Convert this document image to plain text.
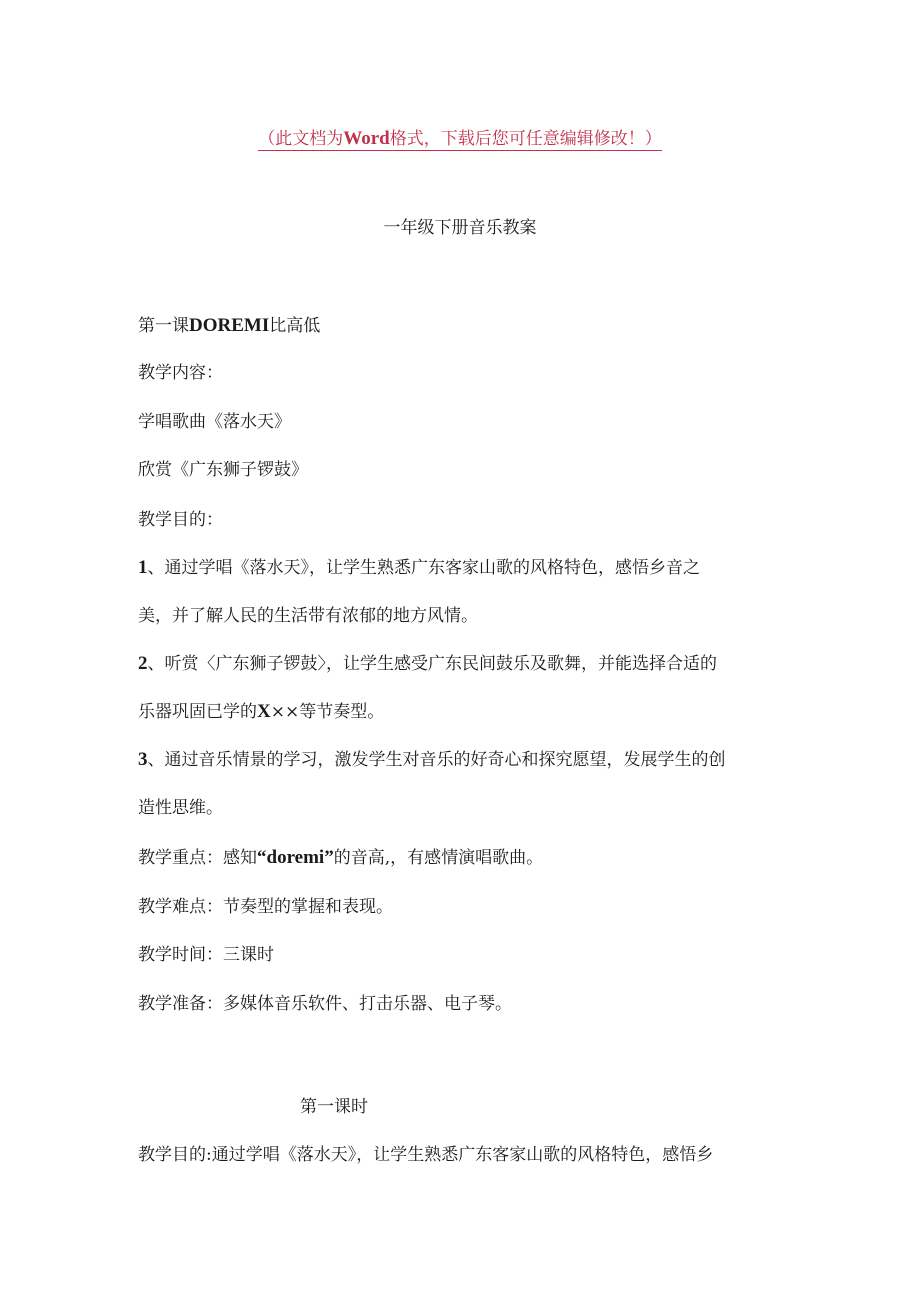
（此文档为Word格式，下载后您可任意编辑修改！）
一年级下册音乐教案
第一课DOREMI比高低
教学内容：
学唱歌曲《落水天》
欣赏《广东狮子锣鼓》
教学目的：
1、通过学唱《落水天》，让学生熟悉广东客家山歌的风格特色，感悟乡音之
美，并了解人民的生活带有浓郁的地方风情。
2、听赏〈广东狮子锣鼓〉，让学生感受广东民间鼓乐及歌舞，并能选择合适的
乐器巩固已学的X××等节奏型。
3、通过音乐情景的学习，激发学生对音乐的好奇心和探究愿望，发展学生的创
造性思维。
教学重点：感知“doremi”的音高,，有感情演唱歌曲。
教学难点：节奏型的掌握和表现。
教学时间：三课时
教学准备：多媒体音乐软件、打击乐器、电子琴。
第一课时
教学目的:通过学唱《落水天》，让学生熟悉广东客家山歌的风格特色，感悟乡
